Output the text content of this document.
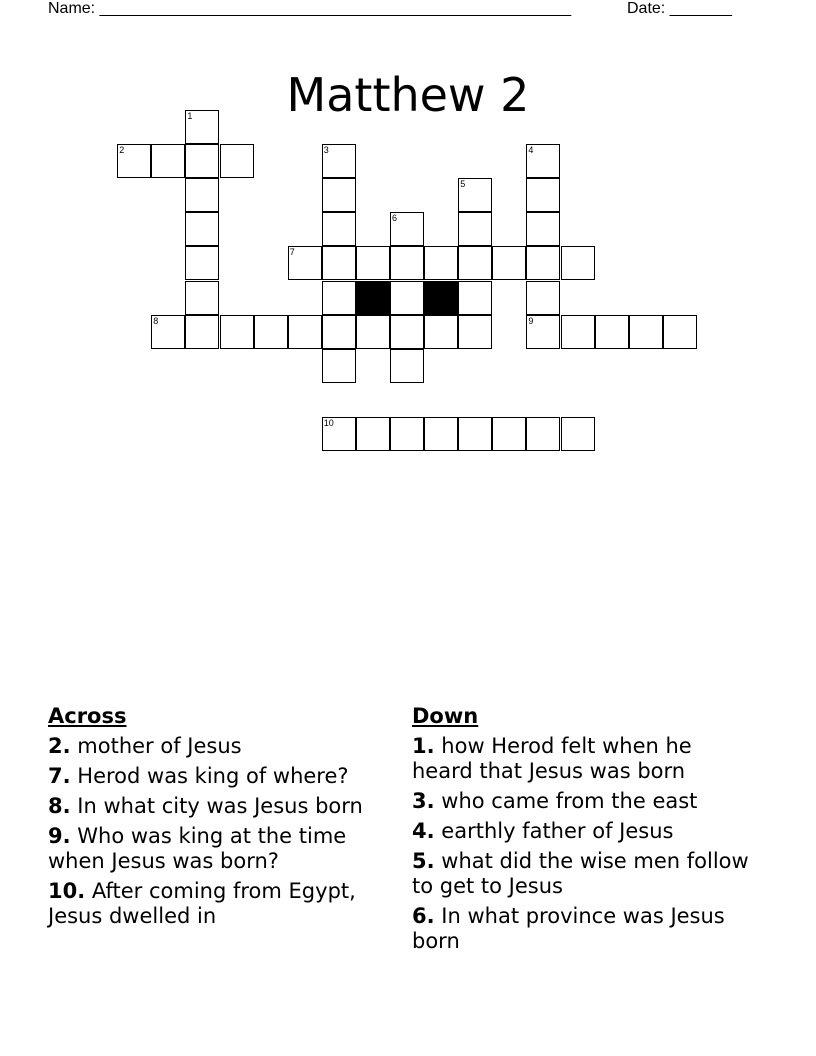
Name: _____________________________________________________	Date: _______
Matthew 2
1
2	3	4
9
5
6
7
8
10
Across
2. mother of Jesus
7. Herod was king of where?
8. In what city was Jesus born
9. Who was king at the time when Jesus was born?
10. After coming from Egypt, Jesus dwelled in
Down
1. how Herod felt when he heard that Jesus was born
3. who came from the east
4. earthly father of Jesus
5. what did the wise men follow to get to Jesus
6. In what province was Jesus born
